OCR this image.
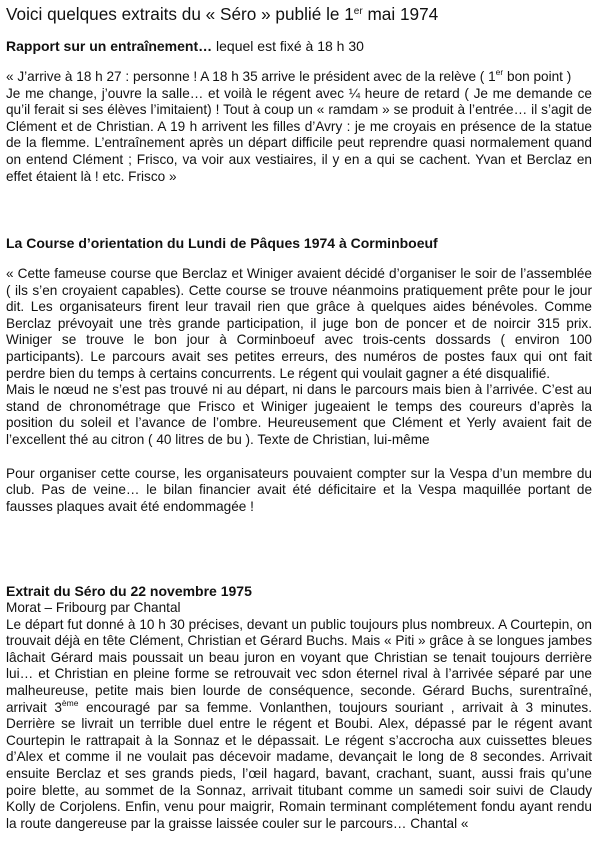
Voici quelques extraits du « Séro » publié le 1er mai 1974

Rapport sur un entraînement… lequel est fixé à 18 h 30

« J’arrive à 18 h 27 : personne ! A 18 h 35 arrive le président avec de la relève ( 1er bon point )

Je me change, j’ouvre la salle… et voilà le régent avec ¼ heure de retard ( Je me demande ce qu’il ferait si ses élèves l’imitaient) ! Tout à coup un « ramdam » se produit à l’entrée… il s’agit de Clément et de Christian. A 19 h arrivent les filles d’Avry : je me croyais en présence de la statue de la flemme. L’entraînement après un départ difficile peut reprendre quasi normalement quand on entend Clément ; Frisco, va voir aux vestiaires, il y en a qui se cachent. Yvan et Berclaz en effet étaient là ! etc. Frisco »

La Course d’orientation du Lundi de Pâques 1974 à Corminboeuf

« Cette fameuse course que Berclaz et Winiger avaient décidé d’organiser le soir de l’assemblée ( ils s’en croyaient capables). Cette course se trouve néanmoins pratiquement prête pour le jour dit. Les organisateurs firent leur travail rien que grâce à quelques aides bénévoles. Comme Berclaz prévoyait une très grande participation, il juge bon de poncer et de noircir 315 prix. Winiger se trouve le bon jour à Corminboeuf avec trois-cents dossards ( environ 100 participants). Le parcours avait ses petites erreurs, des numéros de postes faux qui ont fait perdre bien du temps à certains concurrents. Le régent qui voulait gagner a été disqualifié.

Mais le nœud ne s’est pas trouvé ni au départ, ni dans le parcours mais bien à l’arrivée. C’est au stand de chronométrage que Frisco et Winiger jugeaient le temps des coureurs d’après la position du soleil et l’avance de l’ombre. Heureusement que Clément et Yerly avaient fait de l’excellent thé au citron ( 40 litres de bu ). Texte de Christian, lui-même

Pour organiser cette course, les organisateurs pouvaient compter sur la Vespa d’un membre du club. Pas de veine… le bilan financier avait été déficitaire et la Vespa maquillée portant de fausses plaques avait été endommagée !

Extrait du Séro du 22 novembre 1975

Morat – Fribourg par Chantal

Le départ fut donné à 10 h 30 précises, devant un public toujours plus nombreux. A Courtepin, on trouvait déjà en tête Clément, Christian et Gérard Buchs. Mais « Piti » grâce à se longues jambes lâchait Gérard mais poussait un beau juron en voyant que Christian se tenait toujours derrière lui… et Christian en pleine forme se retrouvait vec sdon éternel rival à l’arrivée séparé par une malheureuse, petite mais bien lourde de conséquence, seconde. Gérard Buchs, surentraîné, arrivait 3ème encouragé par sa femme. Vonlanthen, toujours souriant , arrivait à 3 minutes. Derrière se livrait un terrible duel entre le régent et Boubi. Alex, dépassé par le régent avant Courtepin le rattrapait à la Sonnaz et le dépassait. Le régent s’accrocha aux cuissettes bleues d’Alex et comme il ne voulait pas décevoir madame, devançait le long de 8 secondes. Arrivait ensuite Berclaz et ses grands pieds, l’œil hagard, bavant, crachant, suant, aussi frais qu’une poire blette, au sommet de la Sonnaz, arrivait titubant comme un samedi soir suivi de Claudy Kolly de Corjolens. Enfin, venu pour maigrir, Romain terminant complétement fondu ayant rendu la route dangereuse par la graisse laissée couler sur le parcours… Chantal «
